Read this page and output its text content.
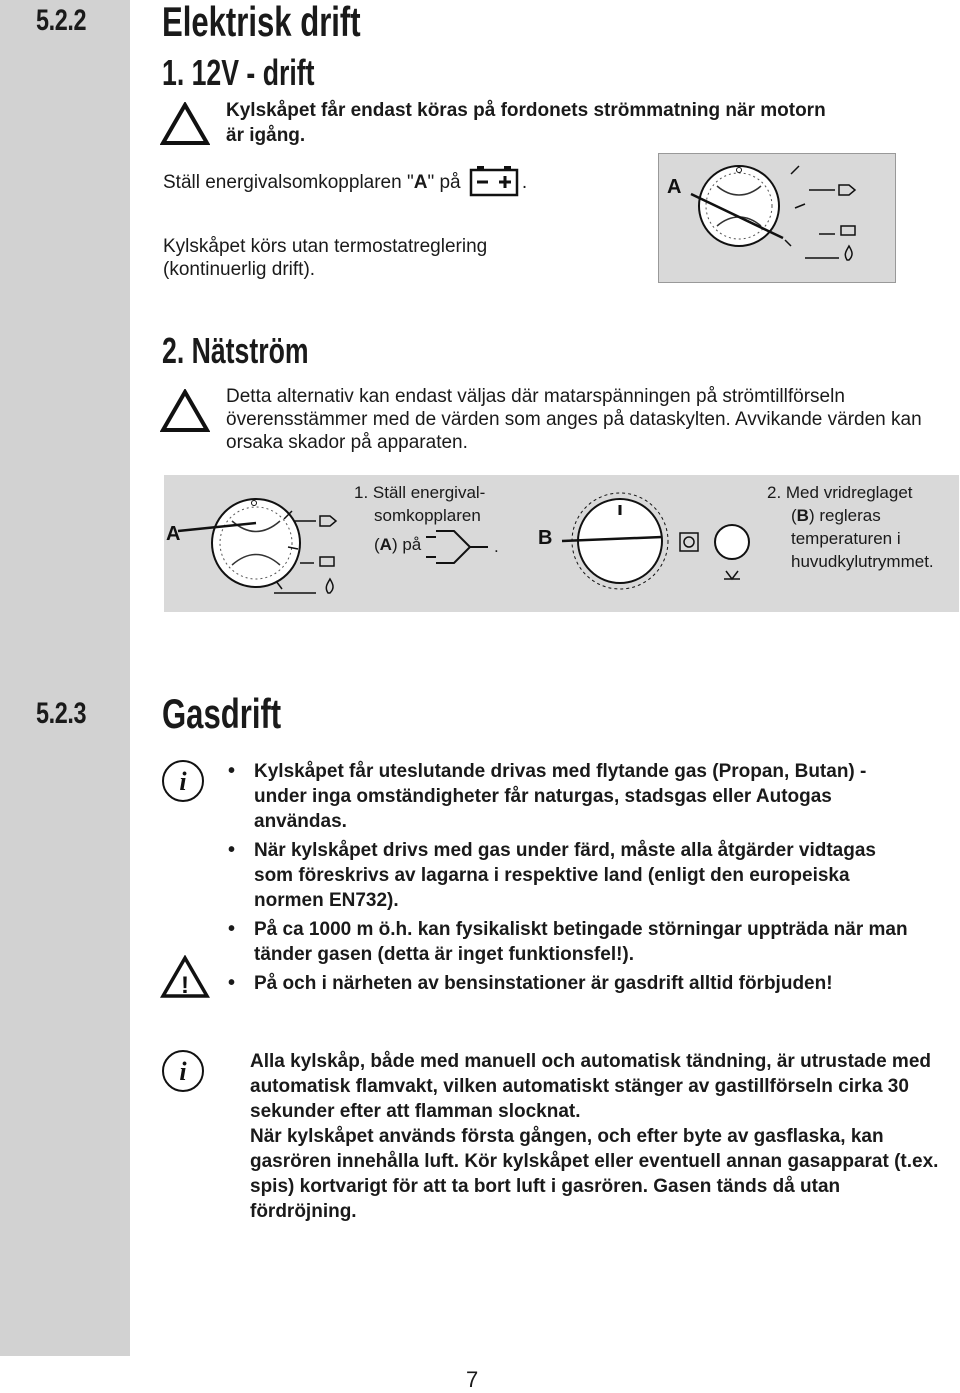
5.2.2 Elektrisk drift
1. 12V - drift
Kylskåpet får endast köras på fordonets strömmatning när motorn är igång.
Ställ energivalsomkopplaren "A" på	.
Kylskåpet körs utan termostatreglering (kontinuerlig drift).
A
2. Nätström
Detta alternativ kan endast väljas där matarspänningen på strömtillförseln överensstämmer med de värden som anges på dataskylten. Avvikande värden kan orsaka skador på apparaten.
A
1. Ställ energival-
somkopplaren
(A) på	. B
2. Med vridreglaget
(B) regleras
temperaturen i
huvudkylutrymmet.
5.2.3 Gasdrift
i
!
• Kylskåpet får uteslutande drivas med flytande gas (Propan, Butan) - under inga omständigheter får naturgas, stadsgas eller Autogas användas.
• När kylskåpet drivs med gas under färd, måste alla åtgärder vidtagas som föreskrivs av lagarna i respektive land (enligt den europeiska normen EN732).
• På ca 1000 m ö.h. kan fysikaliskt betingade störningar uppträda när man tänder gasen (detta är inget funktionsfel!).
• På och i närheten av bensinstationer är gasdrift alltid förbjuden!
i	Alla kylskåp, både med manuell och automatisk tändning, är utrustade med automatisk flamvakt, vilken automatiskt stänger av gastillförseln cirka 30 sekunder efter att flamman slocknat.
När kylskåpet används första gången, och efter byte av gasflaska, kan gasrören innehålla luft. Kör kylskåpet eller eventuell annan gasapparat (t.ex. spis) kortvarigt för att ta bort luft i gasrören. Gasen tänds då utan fördröjning.
7
